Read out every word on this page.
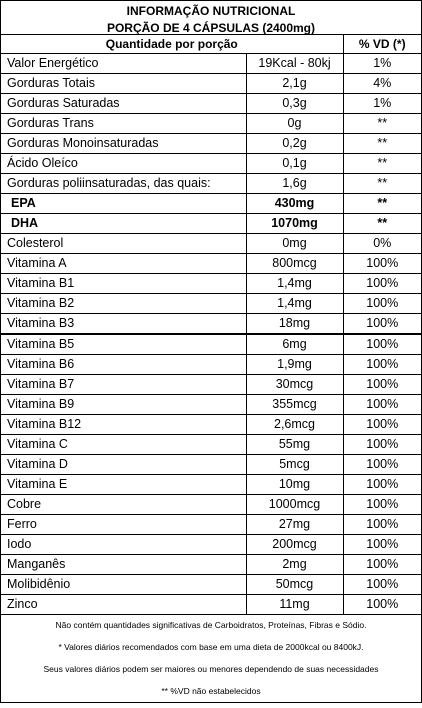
INFORMAÇÃO NUTRICIONAL
PORÇÃO DE 4 CÁPSULAS (2400mg)
Quantidade por porção		% VD (*)
Valor Energético	19Kcal - 80kj	1%
Gorduras Totais	2,1g	4%
Gorduras Saturadas	0,3g	1%
Gorduras Trans	0g	**
Gorduras Monoinsaturadas	0,2g	**
Ácido Oleíco	0,1g	**
Gorduras poliinsaturadas, das quais:	1,6g	**
EPA	430mg	**
DHA	1070mg	**
Colesterol	0mg	0%
Vitamina A	800mcg	100%
Vitamina B1	1,4mg	100%
Vitamina B2	1,4mg	100%
Vitamina B3	18mg	100%
Vitamina B5	6mg	100%
Vitamina B6	1,9mg	100%
Vitamina B7	30mcg	100%
Vitamina B9	355mcg	100%
Vitamina B12	2,6mcg	100%
Vitamina C	55mg	100%
Vitamina D	5mcg	100%
Vitamina E	10mg	100%
Cobre	1000mcg	100%
Ferro	27mg	100%
Iodo	200mcg	100%
Manganês	2mg	100%
Molibidênio	50mcg	100%
Zinco	11mg	100%
Não contém quantidades significativas de Carboidratos, Proteínas, Fibras e Sódio.
* Valores diários recomendados com base em uma dieta de 2000kcal ou 8400kJ.
Seus valores diários podem ser maiores ou menores dependendo de suas necessidades
** %VD não estabelecidos
